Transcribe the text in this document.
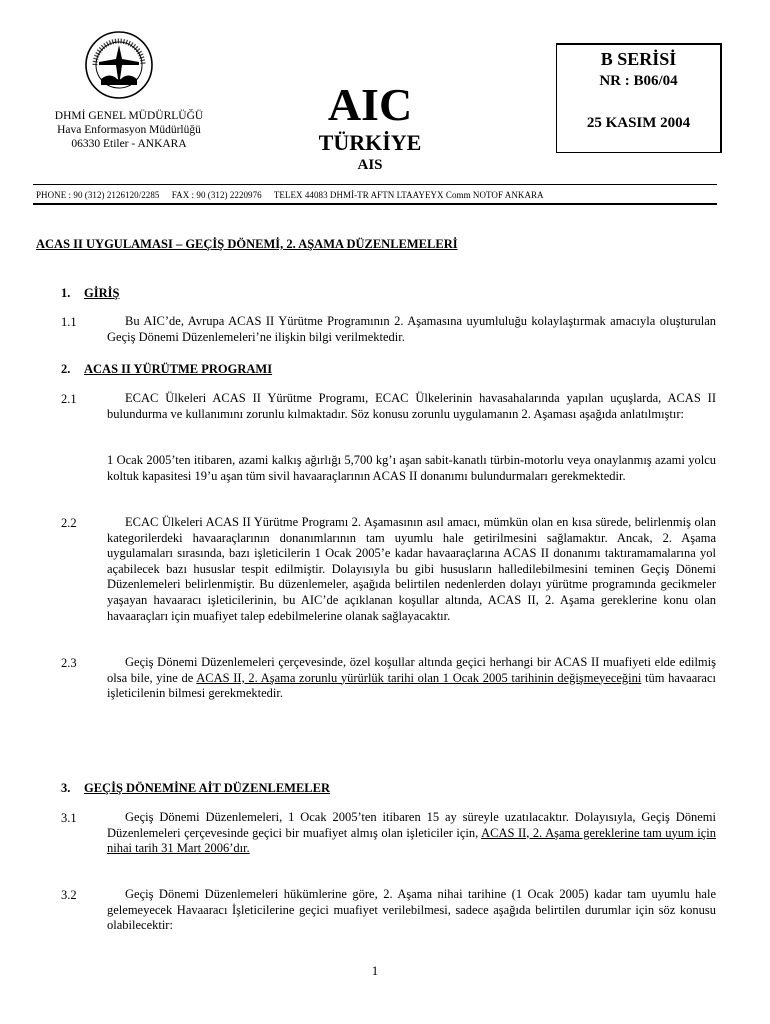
DHMİ GENEL MÜDÜRLÜĞÜ
Hava Enformasyon Müdürlüğü
06330 Etiler - ANKARA
AIC
TÜRKİYE
AIS
B SERİSİ
NR : B06/04
25 KASIM 2004
PHONE : 90 (312) 2126120/2285 FAX : 90 (312) 2220976 TELEX 44083 DHMİ-TR AFTN LTAAYEYX Comm NOTOF ANKARA
ACAS II UYGULAMASI – GEÇİŞ DÖNEMİ, 2. AŞAMA DÜZENLEMELERİ
1. GİRİŞ
1.1	Bu AIC’de, Avrupa ACAS II Yürütme Programının 2. Aşamasına uyumluluğu kolaylaştırmak amacıyla oluşturulan Geçiş Dönemi Düzenlemeleri’ne ilişkin bilgi verilmektedir.
2. ACAS II YÜRÜTME PROGRAMI
2.1	ECAC Ülkeleri ACAS II Yürütme Programı, ECAC Ülkelerinin havasahalarında yapılan uçuşlarda, ACAS II bulundurma ve kullanımını zorunlu kılmaktadır. Söz konusu zorunlu uygulamanın 2. Aşaması aşağıda anlatılmıştır:
1 Ocak 2005’ten itibaren, azami kalkış ağırlığı 5,700 kg’ı aşan sabit-kanatlı türbin-motorlu veya onaylanmış azami yolcu koltuk kapasitesi 19’u aşan tüm sivil havaaraçlarının ACAS II donanımı bulundurmaları gerekmektedir.
2.2	ECAC Ülkeleri ACAS II Yürütme Programı 2. Aşamasının asıl amacı, mümkün olan en kısa sürede, belirlenmiş olan kategorilerdeki havaaraçlarının donanımlarının tam uyumlu hale getirilmesini sağlamaktır. Ancak, 2. Aşama uygulamaları sırasında, bazı işleticilerin 1 Ocak 2005’e kadar havaaraçlarına ACAS II donanımı taktıramamalarına yol açabilecek bazı hususlar tespit edilmiştir. Dolayısıyla bu gibi hususların halledilebilmesini teminen Geçiş Dönemi Düzenlemeleri belirlenmiştir. Bu düzenlemeler, aşağıda belirtilen nedenlerden dolayı yürütme programında gecikmeler yaşayan havaaracı işleticilerinin, bu AIC’de açıklanan koşullar altında, ACAS II, 2. Aşama gereklerine konu olan havaaraçları için muafiyet talep edebilmelerine olanak sağlayacaktır.
2.3	Geçiş Dönemi Düzenlemeleri çerçevesinde, özel koşullar altında geçici herhangi bir ACAS II muafiyeti elde edilmiş olsa bile, yine de ACAS II, 2. Aşama zorunlu yürürlük tarihi olan 1 Ocak 2005 tarihinin değişmeyeceğini tüm havaaracı işleticilenin bilmesi gerekmektedir.
3. GEÇİŞ DÖNEMİNE AİT DÜZENLEMELER
3.1	Geçiş Dönemi Düzenlemeleri, 1 Ocak 2005’ten itibaren 15 ay süreyle uzatılacaktır. Dolayısıyla, Geçiş Dönemi Düzenlemeleri çerçevesinde geçici bir muafiyet almış olan işleticiler için, ACAS II, 2. Aşama gereklerine tam uyum için nihai tarih 31 Mart 2006’dır.
3.2	Geçiş Dönemi Düzenlemeleri hükümlerine göre, 2. Aşama nihai tarihine (1 Ocak 2005) kadar tam uyumlu hale gelemeyecek Havaaracı İşleticilerine geçici muafiyet verilebilmesi, sadece aşağıda belirtilen durumlar için söz konusu olabilecektir:
1
